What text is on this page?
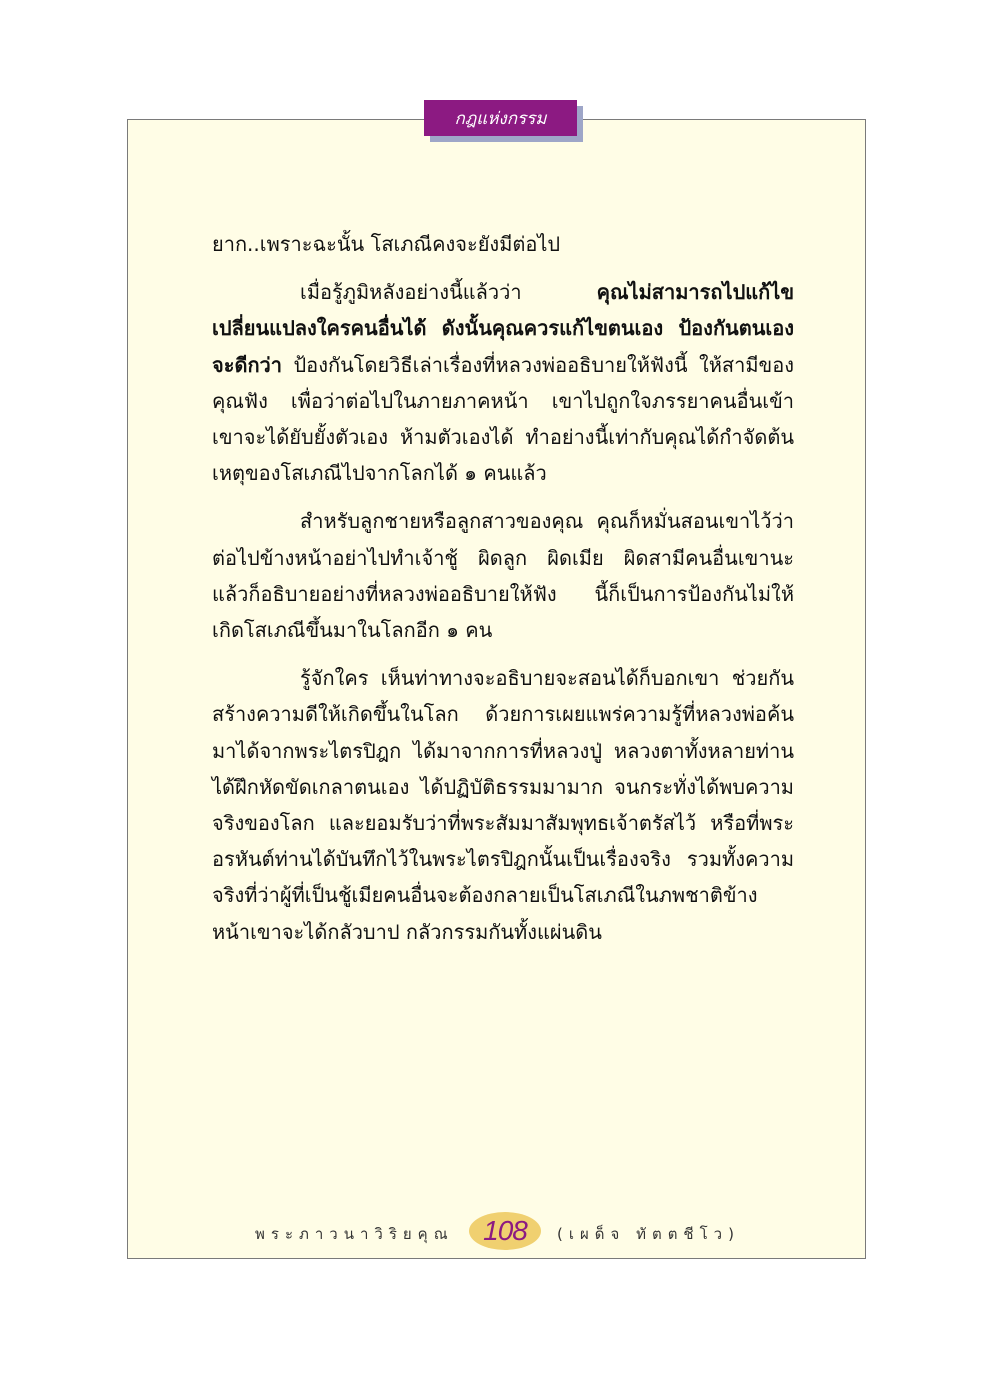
กฎแห่งกรรม

ยาก..เพราะฉะนั้น โสเภณีคงจะยังมีต่อไป

เมื่อรู้ภูมิหลังอย่างนี้แล้วว่า คุณไม่สามารถไปแก้ไขเปลี่ยนแปลงใครคนอื่นได้ ดังนั้นคุณควรแก้ไขตนเอง ป้องกันตนเองจะดีกว่า ป้องกันโดยวิธีเล่าเรื่องที่หลวงพ่ออธิบายให้ฟังนี้ ให้สามีของคุณฟัง เพื่อว่าต่อไปในภายภาคหน้า เขาไปถูกใจภรรยาคนอื่นเข้า เขาจะได้ยับยั้งตัวเอง ห้ามตัวเองได้ ทำอย่างนี้เท่ากับคุณได้กำจัดต้นเหตุของโสเภณีไปจากโลกได้ ๑ คนแล้ว

สำหรับลูกชายหรือลูกสาวของคุณ คุณก็หมั่นสอนเขาไว้ว่าต่อไปข้างหน้าอย่าไปทำเจ้าชู้ ผิดลูก ผิดเมีย ผิดสามีคนอื่นเขานะ แล้วก็อธิบายอย่างที่หลวงพ่ออธิบายให้ฟัง นี้ก็เป็นการป้องกันไม่ให้เกิดโสเภณีขึ้นมาในโลกอีก ๑ คน

รู้จักใคร เห็นท่าทางจะอธิบายจะสอนได้ก็บอกเขา ช่วยกันสร้างความดีให้เกิดขึ้นในโลก ด้วยการเผยแพร่ความรู้ที่หลวงพ่อค้นมาได้จากพระไตรปิฎก ได้มาจากการที่หลวงปู่ หลวงตาทั้งหลายท่านได้ฝึกหัดขัดเกลาตนเอง ได้ปฏิบัติธรรมมามาก จนกระทั่งได้พบความจริงของโลก และยอมรับว่าที่พระสัมมาสัมพุทธเจ้าตรัสไว้ หรือที่พระอรหันต์ท่านได้บันทึกไว้ในพระไตรปิฎกนั้นเป็นเรื่องจริง รวมทั้งความจริงที่ว่าผู้ที่เป็นชู้เมียคนอื่นจะต้องกลายเป็นโสเภณีในภพชาติข้างหน้าเขาจะได้กลัวบาป กลัวกรรมกันทั้งแผ่นดิน

พระภาวนาวิริยคุณ	108	(เผด็จ ทัตตชีโว)
